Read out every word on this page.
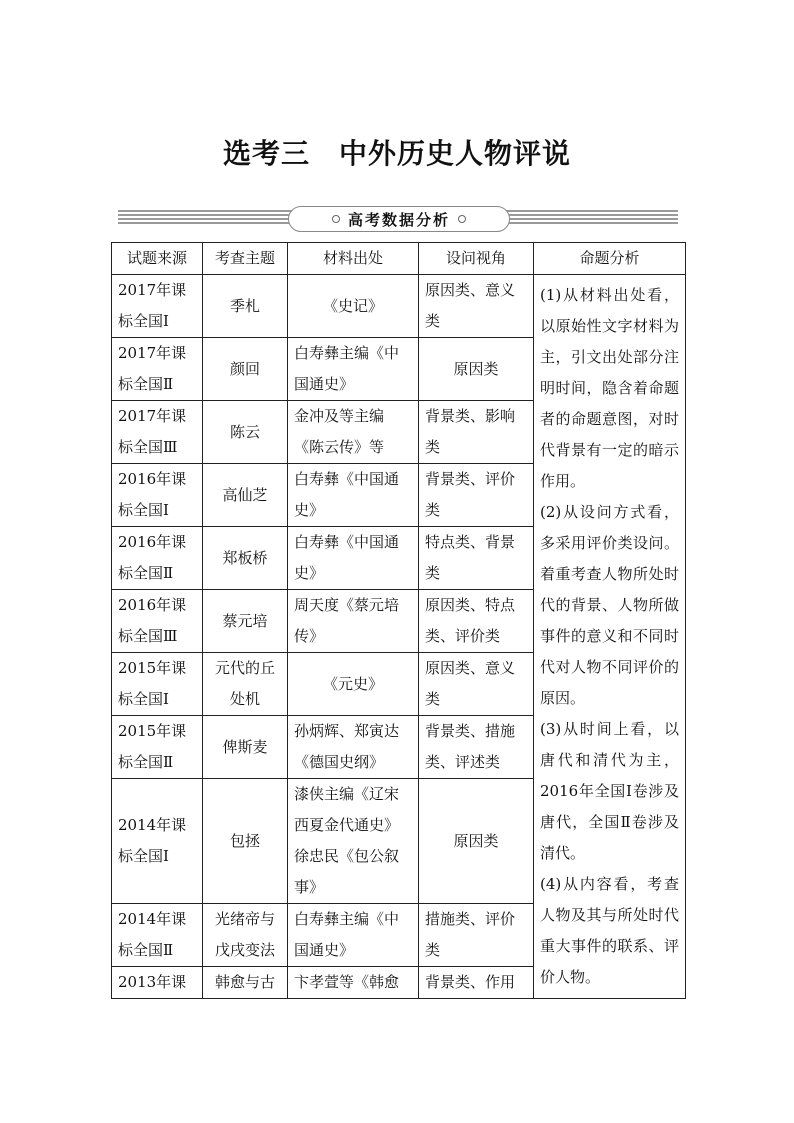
选考三　中外历史人物评说
高考数据分析
试题来源	考查主题	材料出处	设问视角	命题分析
2017年课标全国Ⅰ	季札	《史记》	原因类、意义类	(1)从材料出处看，以原始性文字材料为主，引文出处部分注明时间，隐含着命题者的命题意图，对时代背景有一定的暗示作用。

(2)从设问方式看，多采用评价类设问。着重考查人物所处时代的背景、人物所做事件的意义和不同时代对人物不同评价的原因。

(3)从时间上看，以唐代和清代为主，2016年全国Ⅰ卷涉及唐代，全国Ⅱ卷涉及清代。

(4)从内容看，考查人物及其与所处时代重大事件的联系、评价人物。

2017年课标全国Ⅱ	颜回	白寿彝主编《中国通史》	原因类	
2017年课标全国Ⅲ	陈云	金冲及等主编《陈云传》等	背景类、影响类	
2016年课标全国Ⅰ	高仙芝	白寿彝《中国通史》	背景类、评价类	
2016年课标全国Ⅱ	郑板桥	白寿彝《中国通史》	特点类、背景类	
2016年课标全国Ⅲ	蔡元培	周天度《蔡元培传》	原因类、特点类、评价类	
2015年课标全国Ⅰ	元代的丘处机	《元史》	原因类、意义类	
2015年课标全国Ⅱ	俾斯麦	孙炳辉、郑寅达《德国史纲》	背景类、措施类、评述类	
2014年课标全国Ⅰ	包拯	漆侠主编《辽宋西夏金代通史》徐忠民《包公叙事》	原因类	
2014年课标全国Ⅱ	光绪帝与戊戌变法	白寿彝主编《中国通史》	措施类、评价类	
2013年课	韩愈与古	卞孝萱等《韩愈	背景类、作用	
